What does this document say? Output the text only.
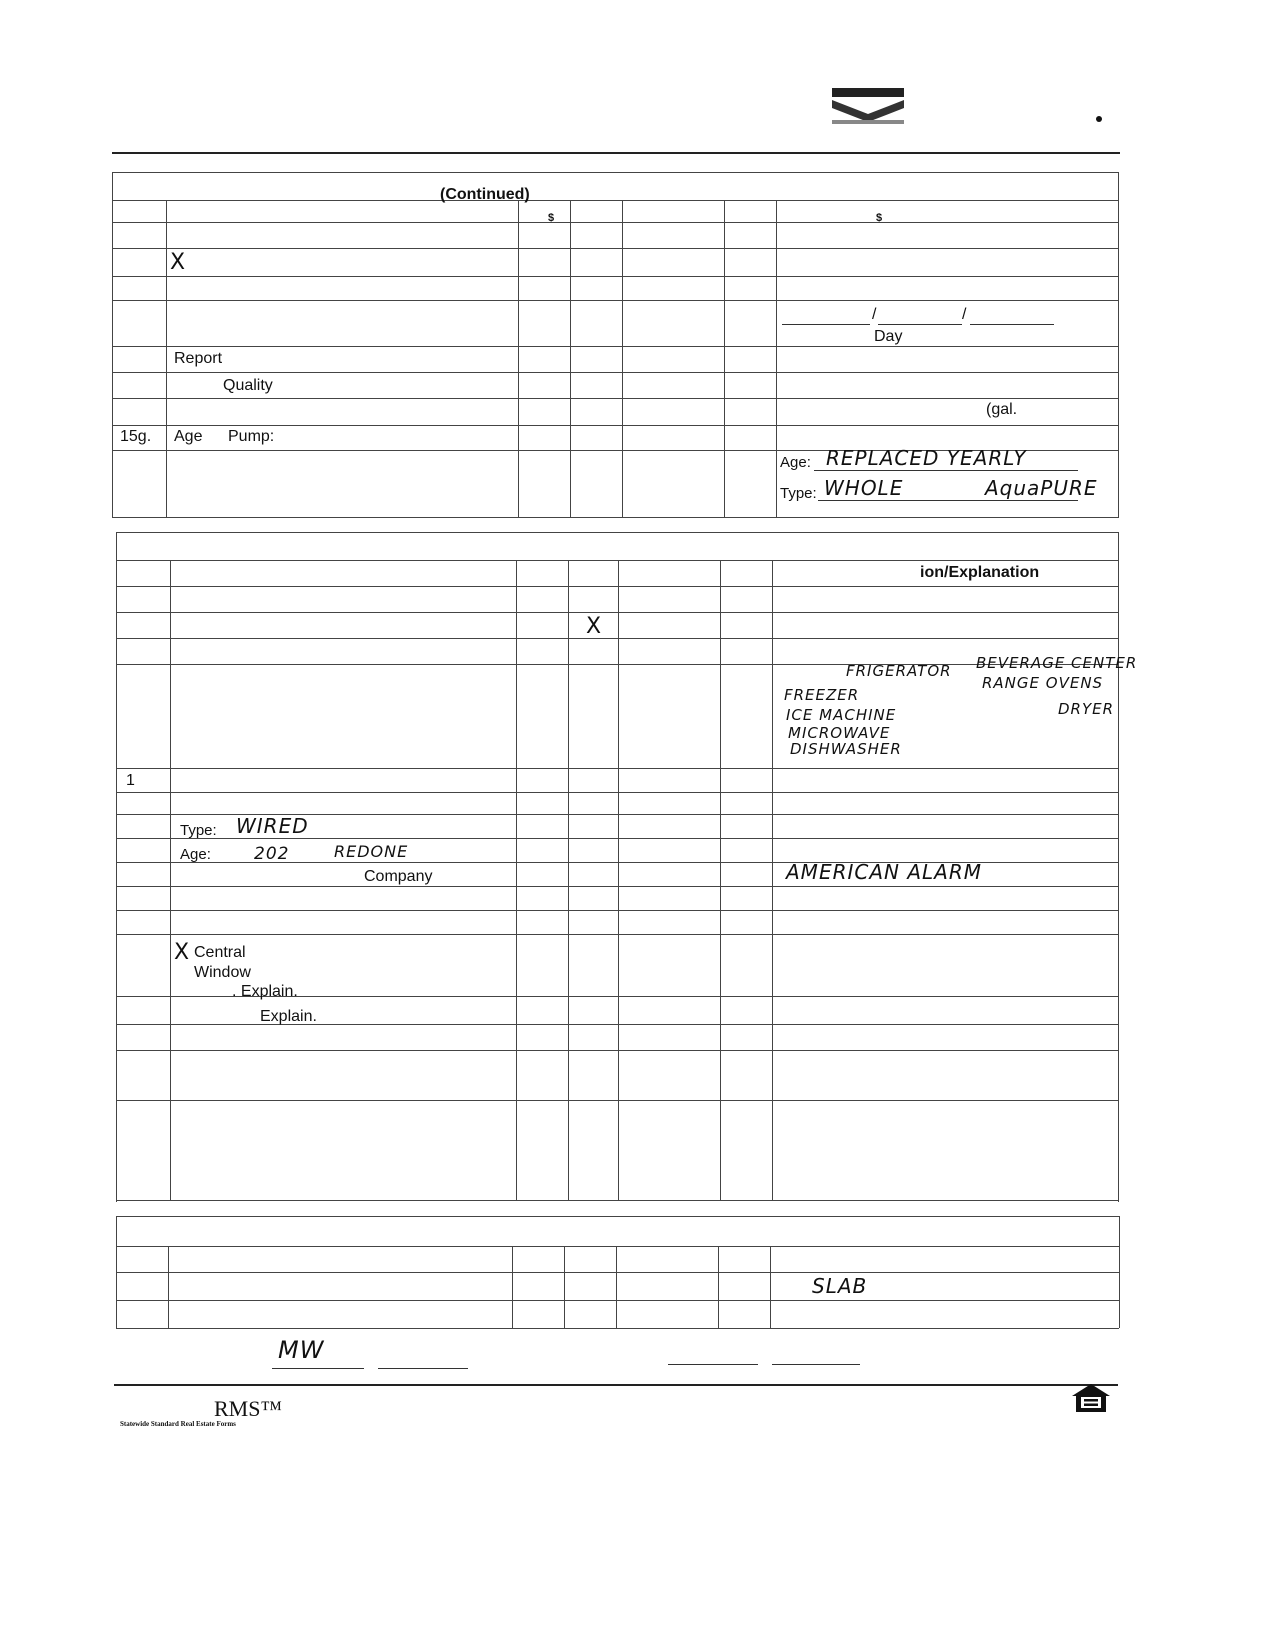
(Continued)
$	$
X
/	/
Day
Report
Quality
(gal.
15g. Age Pump:
Age: REPLACED YEARLY
Type: WHOLE	AquaPURE
ion/Explanation
X
FRIGERATOR
FREEZER
ICE MACHINE
MICROWAVE
DISHWASHER
BEVERAGE CENTER
RANGE OVENS
DRYER
1
Type: WIRED
Age:	202	REDONE
Company	AMERICAN ALARM
X Central
Window
. Explain.
Explain.
SLAB
MW
RMS™
Statewide Standard Real Estate Forms
